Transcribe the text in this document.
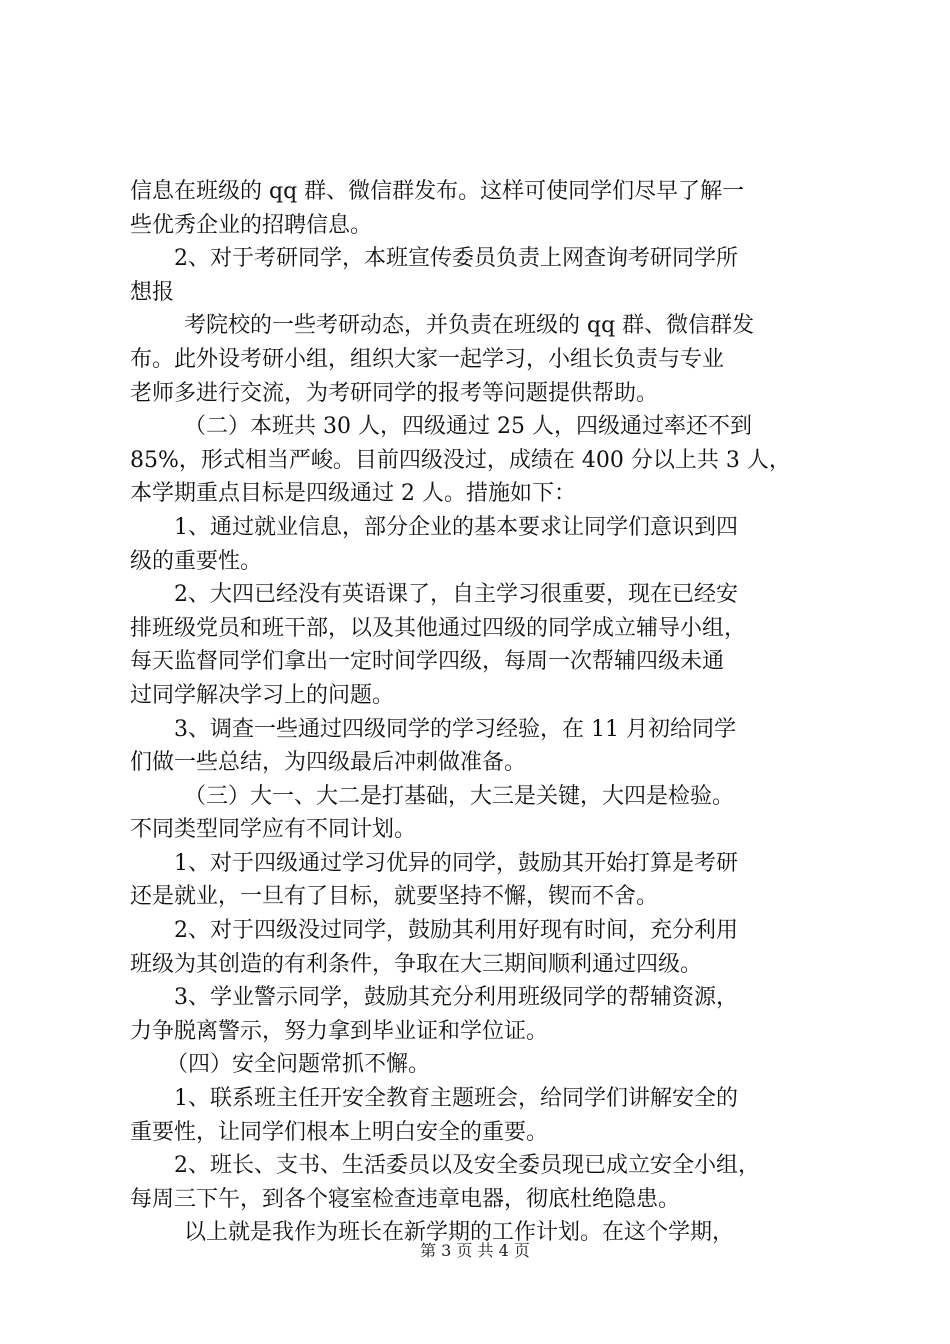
信息在班级的 qq 群、微信群发布。这样可使同学们尽早了解一
些优秀企业的招聘信息。
2、对于考研同学，本班宣传委员负责上网查询考研同学所
想报
考院校的一些考研动态，并负责在班级的 qq 群、微信群发
布。此外设考研小组，组织大家一起学习，小组长负责与专业
老师多进行交流，为考研同学的报考等问题提供帮助。
（二）本班共 30 人，四级通过 25 人，四级通过率还不到
85%，形式相当严峻。目前四级没过，成绩在 400 分以上共 3 人，
本学期重点目标是四级通过 2 人。措施如下：
1、通过就业信息，部分企业的基本要求让同学们意识到四
级的重要性。
2、大四已经没有英语课了，自主学习很重要，现在已经安
排班级党员和班干部，以及其他通过四级的同学成立辅导小组，
每天监督同学们拿出一定时间学四级，每周一次帮辅四级未通
过同学解决学习上的问题。
3、调查一些通过四级同学的学习经验，在 11 月初给同学
们做一些总结，为四级最后冲刺做准备。
（三）大一、大二是打基础，大三是关键，大四是检验。
不同类型同学应有不同计划。
1、对于四级通过学习优异的同学，鼓励其开始打算是考研
还是就业，一旦有了目标，就要坚持不懈，锲而不舍。
2、对于四级没过同学，鼓励其利用好现有时间，充分利用
班级为其创造的有利条件，争取在大三期间顺利通过四级。
3、学业警示同学，鼓励其充分利用班级同学的帮辅资源，
力争脱离警示，努力拿到毕业证和学位证。
（四）安全问题常抓不懈。
1、联系班主任开安全教育主题班会，给同学们讲解安全的
重要性，让同学们根本上明白安全的重要。
2、班长、支书、生活委员以及安全委员现已成立安全小组，
每周三下午，到各个寝室检查违章电器，彻底杜绝隐患。
以上就是我作为班长在新学期的工作计划。在这个学期，
第 3 页 共 4 页
